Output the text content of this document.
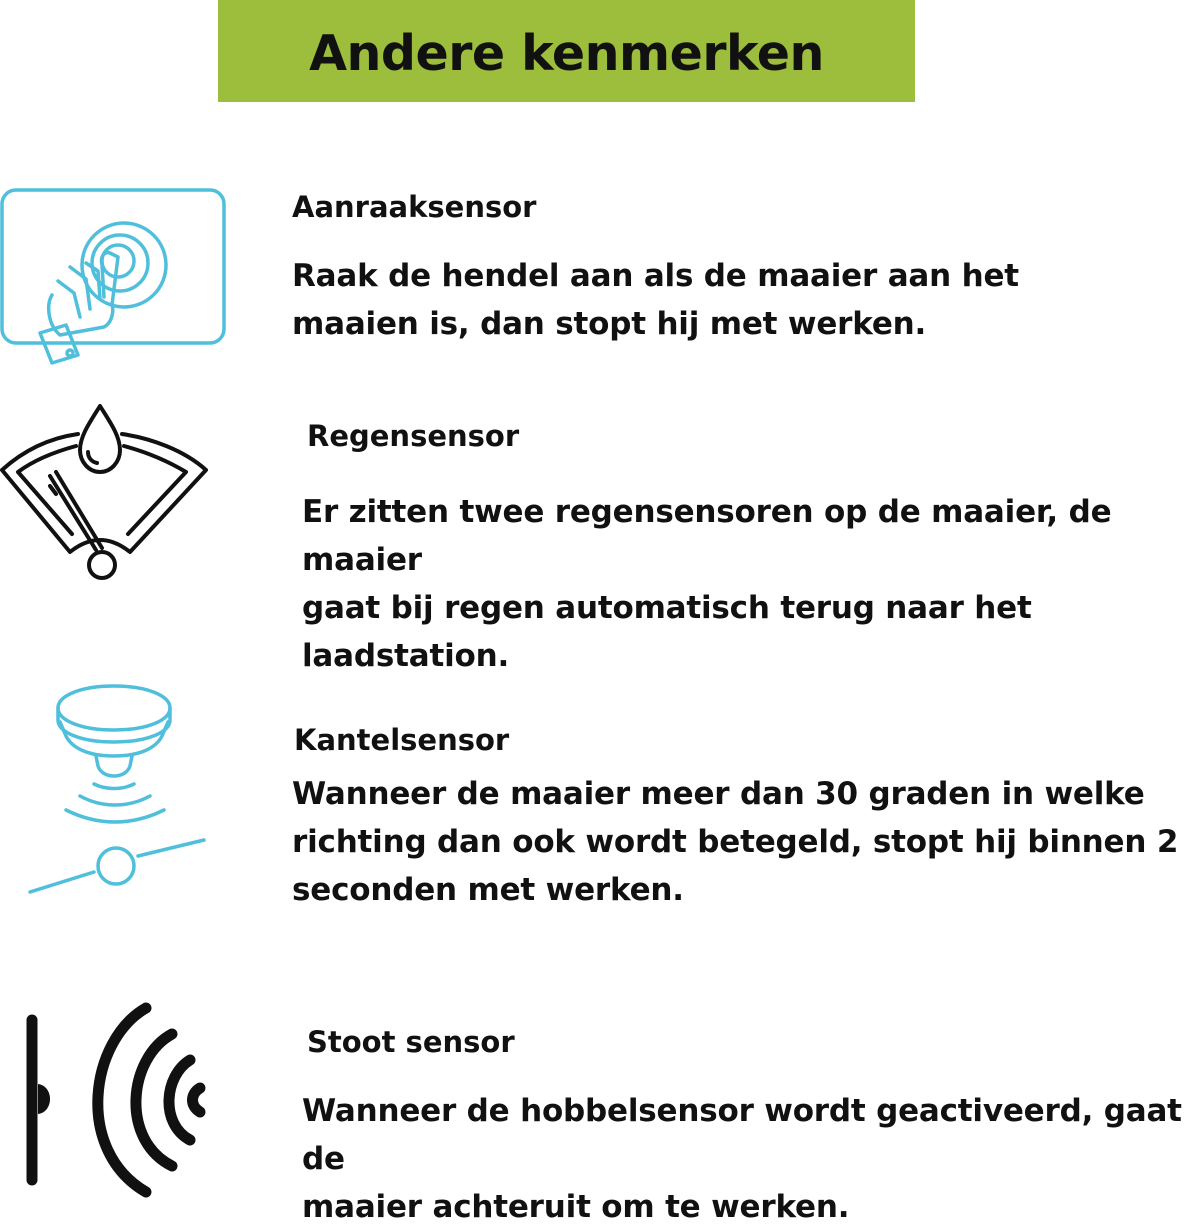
Andere kenmerken
Aanraaksensor
Raak de hendel aan als de maaier aan het
maaien is, dan stopt hij met werken.
Regensensor
Er zitten twee regensensoren op de maaier, de maaier
gaat bij regen automatisch terug naar het laadstation.
Kantelsensor
Wanneer de maaier meer dan 30 graden in welke
richting dan ook wordt betegeld, stopt hij binnen 2
seconden met werken.
Stoot sensor
Wanneer de hobbelsensor wordt geactiveerd, gaat de
maaier achteruit om te werken.
